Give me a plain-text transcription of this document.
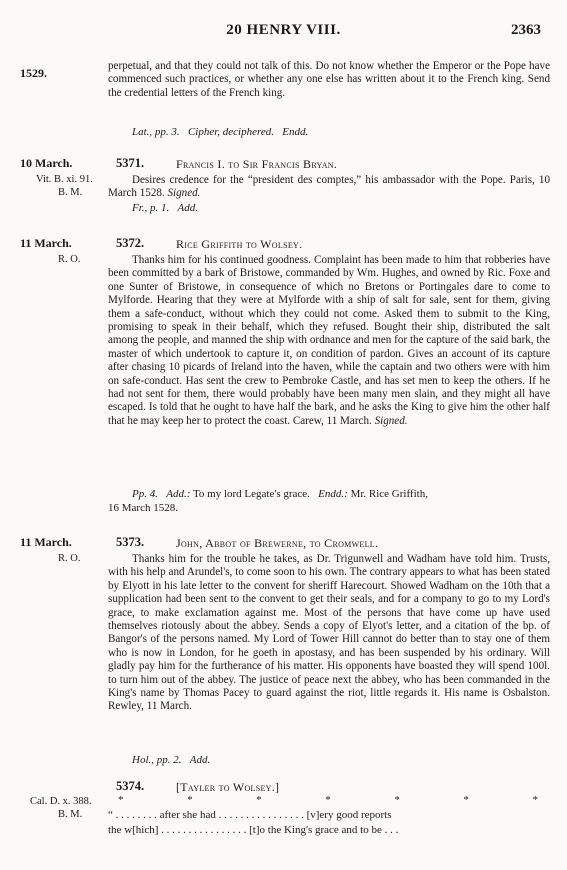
20 HENRY VIII.	2363
1529.	perpetual, and that they could not talk of this. Do not know whether the Emperor or the Pope have commenced such practices, or whether any one else has written about it to the French king. Send the credential letters of the French king.

Lat., pp. 3. Cipher, deciphered. Endd.
10 March.	5371.	Francis I. to Sir Francis Bryan.
Vit. B. xi. 91.
B. M.

Desires credence for the “president des comptes,” his ambassador with the Pope. Paris, 10 March 1528. Signed.

Fr., p. 1. Add.
11 March.	5372.	Rice Griffith to Wolsey.
R. O.	Thanks him for his continued goodness. Complaint has been made to him that robberies have been committed by a bark of Bristowe, commanded by Wm. Hughes, and owned by Ric. Foxe and one Sunter of Bristowe, in consequence of which no Bretons or Portingales dare to come to Mylforde. Hearing that they were at Mylforde with a ship of salt for sale, sent for them, giving them a safe-conduct, without which they could not come. Asked them to submit to the King, promising to speak in their behalf, which they refused. Bought their ship, distributed the salt among the people, and manned the ship with ordnance and men for the capture of the said bark, the master of which undertook to capture it, on condition of pardon. Gives an account of its capture after chasing 10 picards of Ireland into the haven, while the captain and two others were with him on safe-conduct. Has sent the crew to Pembroke Castle, and has set men to keep the others. If he had not sent for them, there would probably have been many men slain, and they might all have escaped. Is told that he ought to have half the bark, and he asks the King to give him the other half that he may keep her to protect the coast. Carew, 11 March. Signed.

Pp. 4. Add.: To my lord Legate's grace. Endd.: Mr. Rice Griffith,
16 March 1528.
11 March.	5373.	John, Abbot of Brewerne, to Cromwell.
R. O.	Thanks him for the trouble he takes, as Dr. Trigunwell and Wadham have told him. Trusts, with his help and Arundel's, to come soon to his own. The contrary appears to what has been stated by Elyott in his late letter to the convent for sheriff Harecourt. Showed Wadham on the 10th that a supplication had been sent to the convent to get their seals, and for a company to go to my Lord's grace, to make exclamation against me. Most of the persons that have come up have used themselves riotously about the abbey. Sends a copy of Elyot's letter, and a citation of the bp. of Bangor's of the persons named. My Lord of Tower Hill cannot do better than to stay one of them who is now in London, for he goeth in apostasy, and has been suspended by his ordinary. Will gladly pay him for the furtherance of his matter. His opponents have boasted they will spend 100l. to turn him out of the abbey. The justice of peace next the abbey, who has been commanded in the King's name by Thomas Pacey to guard against the riot, little regards it. His name is Osbalston. Rewley, 11 March.

Hol., pp. 2. Add.
5374.	[Tayler to Wolsey.]
Cal. D. x. 388.
B. M.
*	*	*	*	*	*	*
“ . . . . . . . . after she had . . . . . . . . . . . . . . . . [v]ery good reports
the w[hich] . . . . . . . . . . . . . . . . [t]o the King's grace and to be . . .
